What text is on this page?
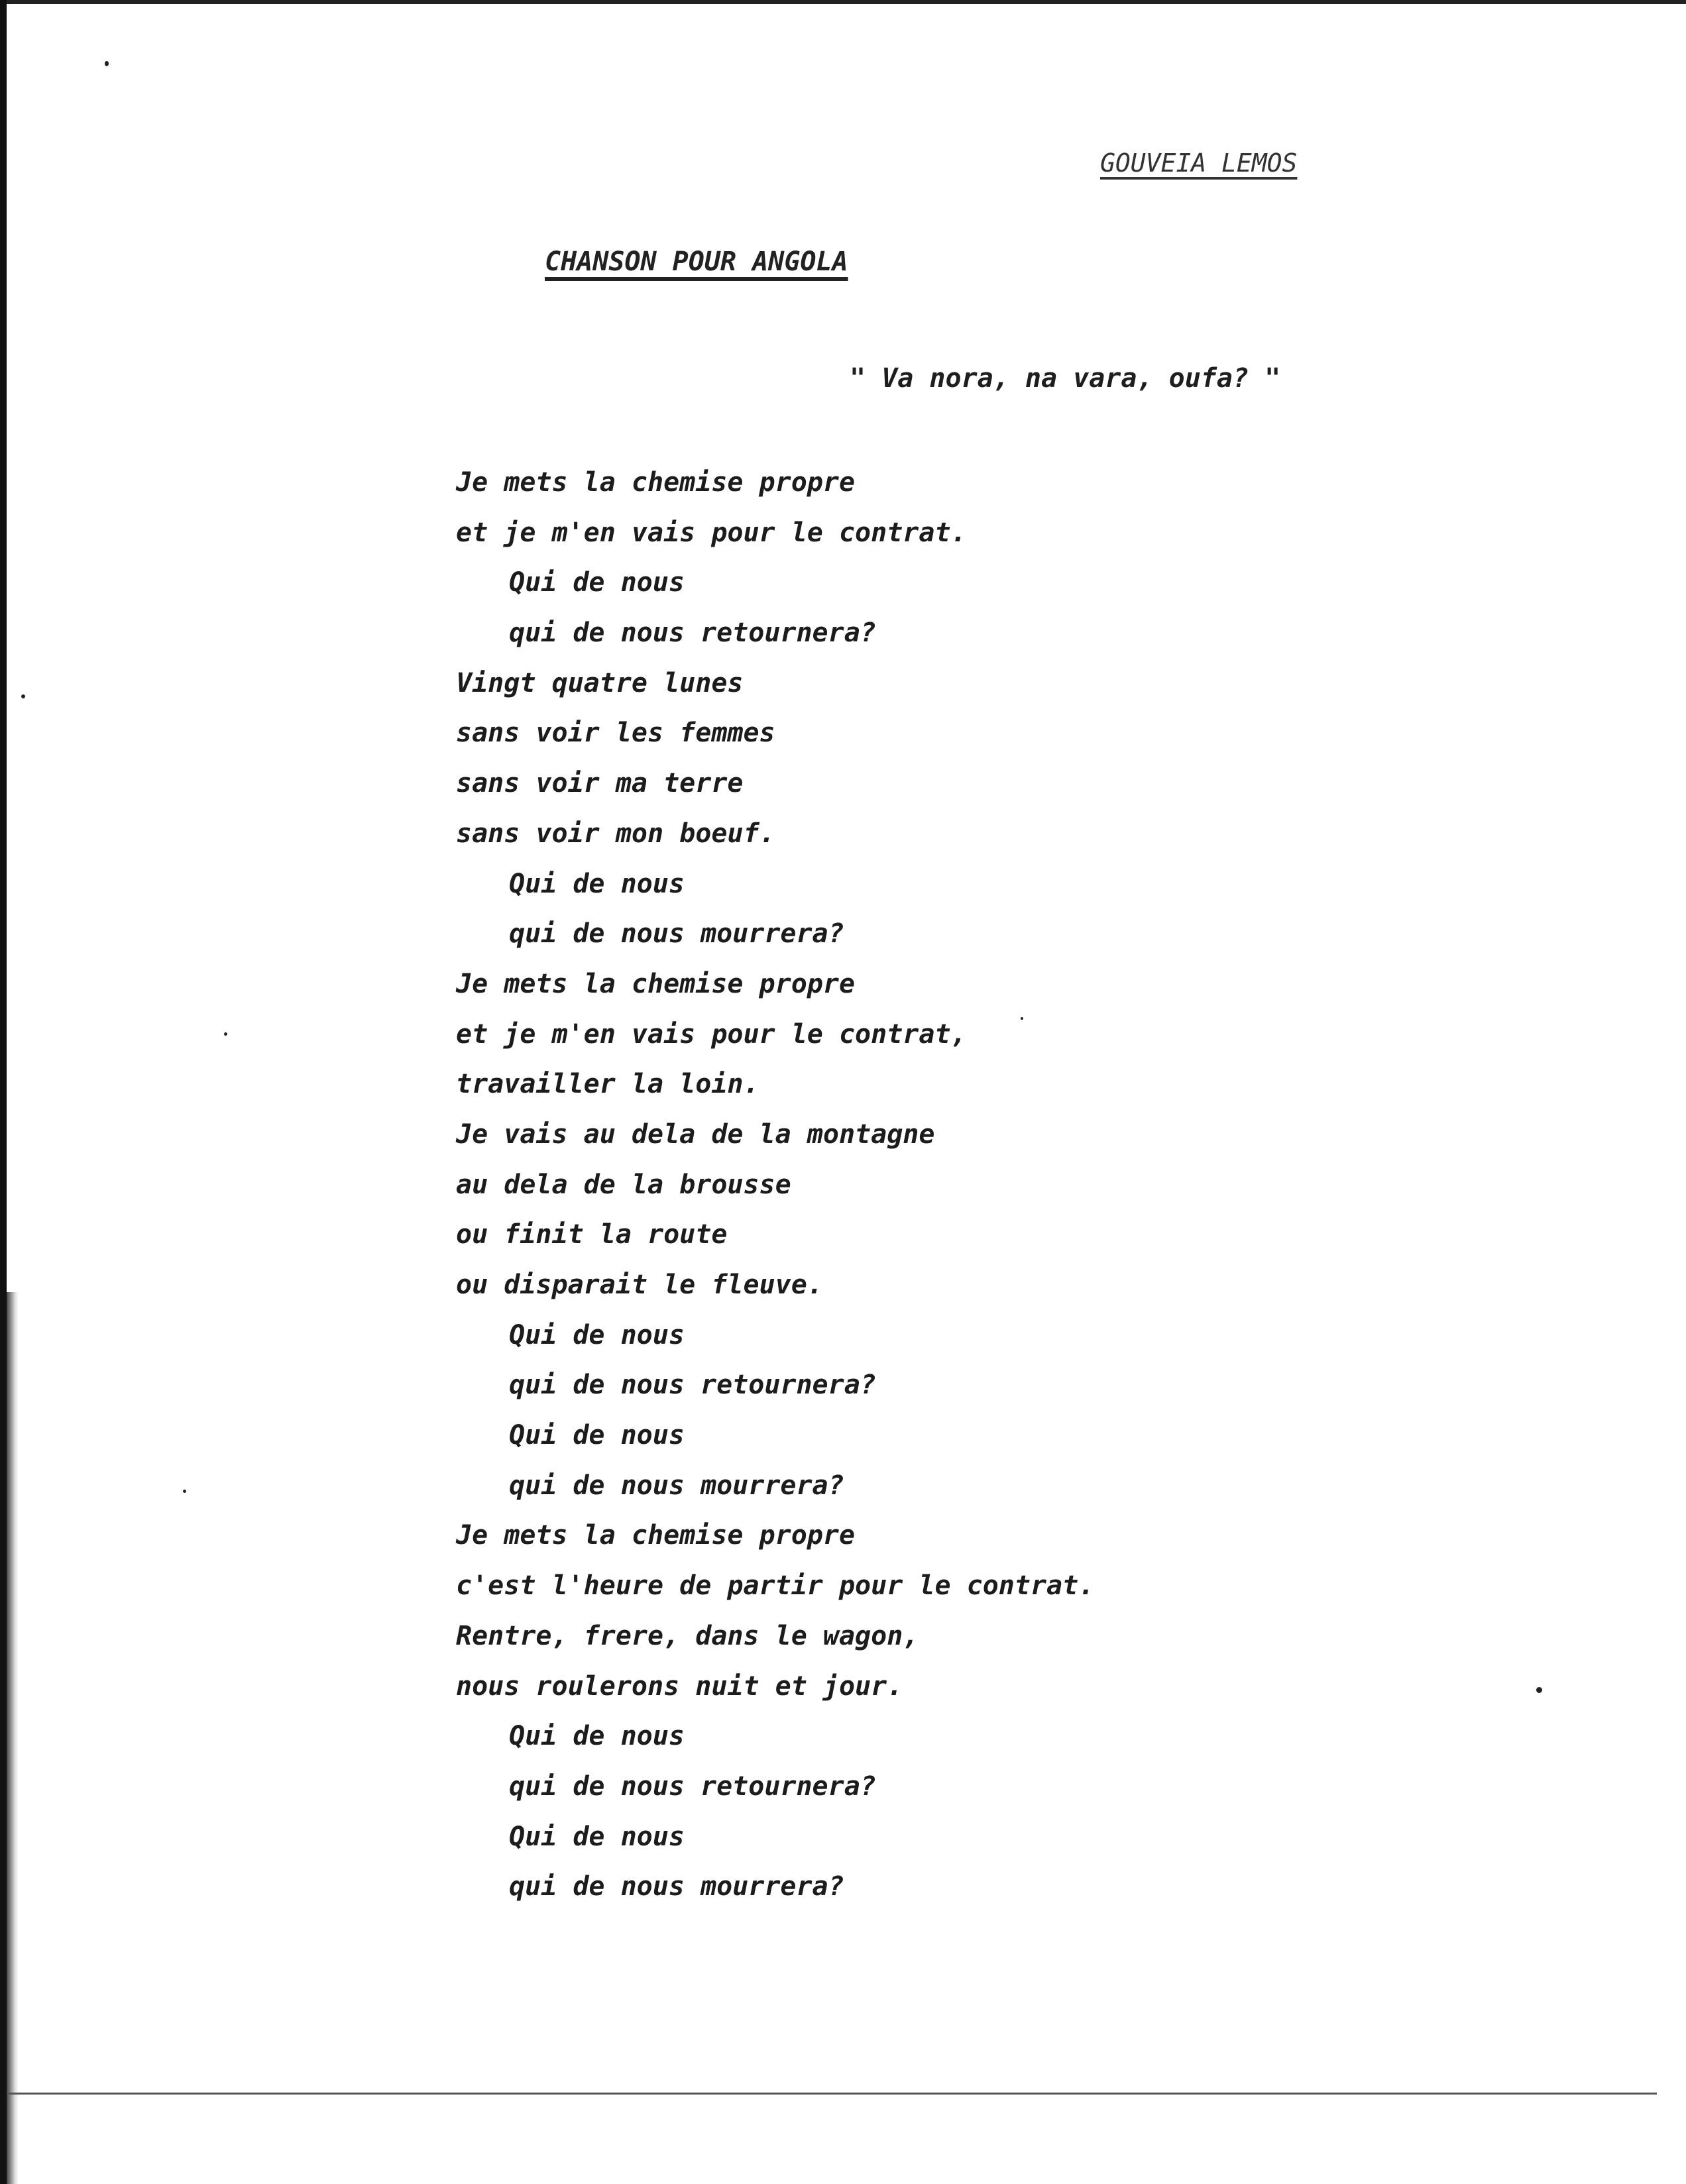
GOUVEIA LEMOS
CHANSON POUR ANGOLA
" Va nora, na vara, oufa? "
Je mets la chemise propre
et je m'en vais pour le contrat.
Qui de nous
qui de nous retournera?
Vingt quatre lunes
sans voir les femmes
sans voir ma terre
sans voir mon boeuf.
Qui de nous
qui de nous mourrera?
Je mets la chemise propre
et je m'en vais pour le contrat,
travailler la loin.
Je vais au dela de la montagne
au dela de la brousse
ou finit la route
ou disparait le fleuve.
Qui de nous
qui de nous retournera?
Qui de nous
qui de nous mourrera?
Je mets la chemise propre
c'est l'heure de partir pour le contrat.
Rentre, frere, dans le wagon,
nous roulerons nuit et jour.
Qui de nous
qui de nous retournera?
Qui de nous
qui de nous mourrera?
